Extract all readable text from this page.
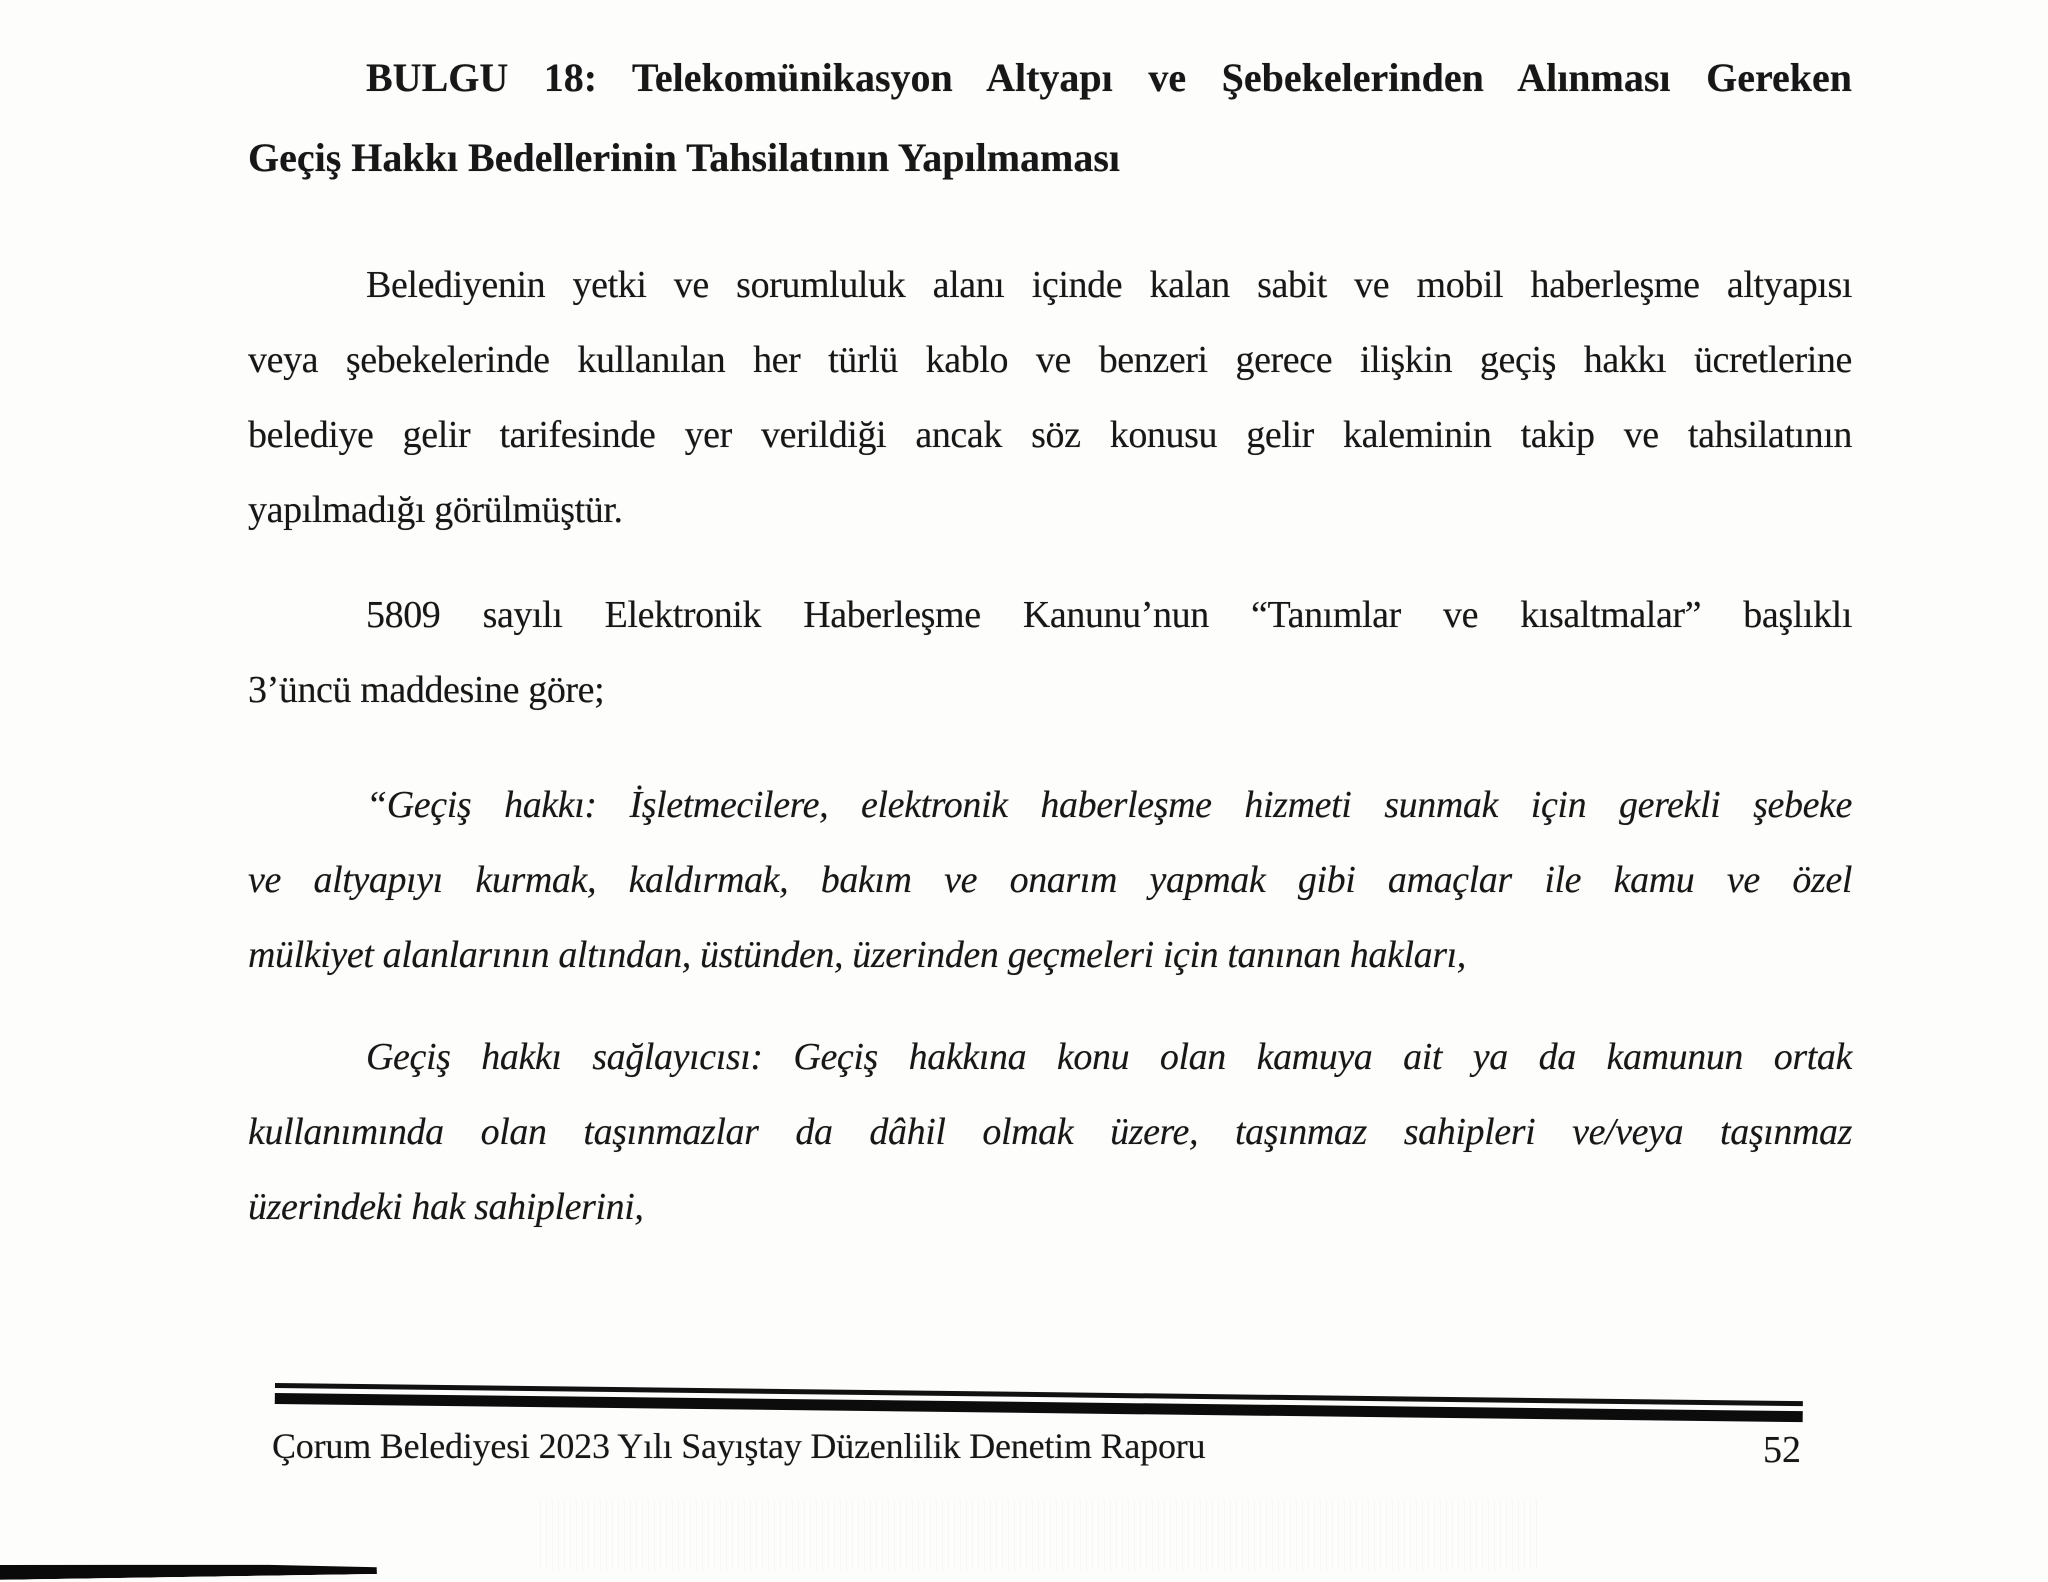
BULGU 18: Telekomünikasyon Altyapı ve Şebekelerinden Alınması Gereken
Geçiş Hakkı Bedellerinin Tahsilatının Yapılmaması
Belediyenin yetki ve sorumluluk alanı içinde kalan sabit ve mobil haberleşme altyapısı
veya şebekelerinde kullanılan her türlü kablo ve benzeri gerece ilişkin geçiş hakkı ücretlerine
belediye gelir tarifesinde yer verildiği ancak söz konusu gelir kaleminin takip ve tahsilatının
yapılmadığı görülmüştür.
5809 sayılı Elektronik Haberleşme Kanunu’nun “Tanımlar ve kısaltmalar” başlıklı
3’üncü maddesine göre;
“Geçiş hakkı: İşletmecilere, elektronik haberleşme hizmeti sunmak için gerekli şebeke
ve altyapıyı kurmak, kaldırmak, bakım ve onarım yapmak gibi amaçlar ile kamu ve özel
mülkiyet alanlarının altından, üstünden, üzerinden geçmeleri için tanınan hakları,
Geçiş hakkı sağlayıcısı: Geçiş hakkına konu olan kamuya ait ya da kamunun ortak
kullanımında olan taşınmazlar da dâhil olmak üzere, taşınmaz sahipleri ve/veya taşınmaz
üzerindeki hak sahiplerini,
Çorum Belediyesi 2023 Yılı Sayıştay Düzenlilik Denetim Raporu	52
